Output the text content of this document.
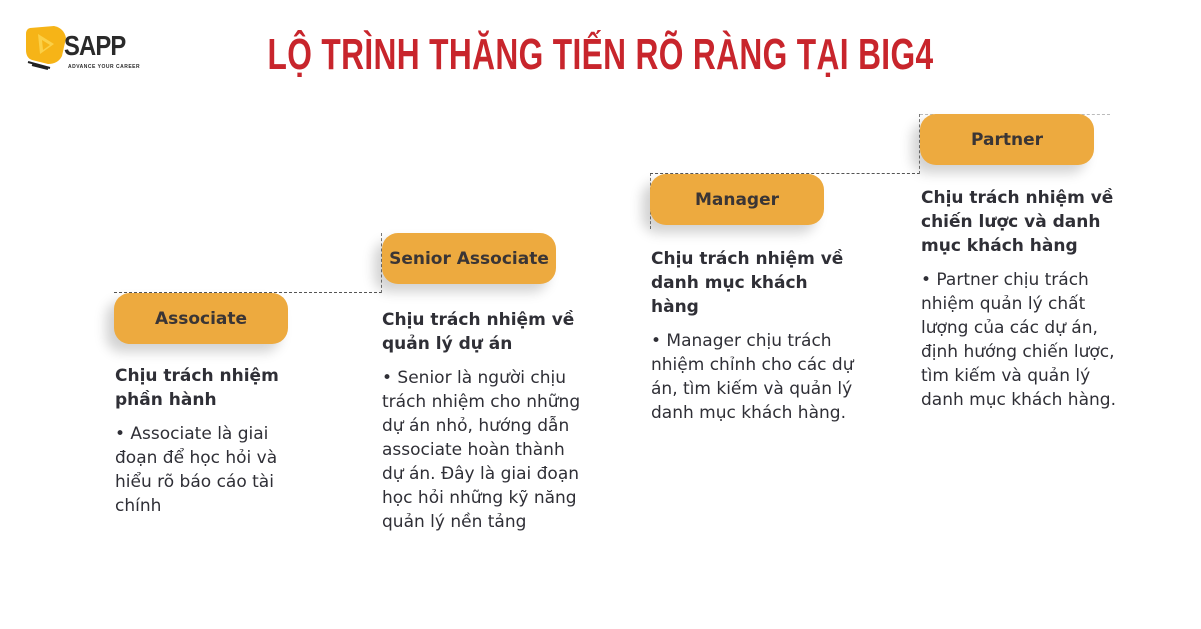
SAPP
ADVANCE YOUR CAREER	LỘ TRÌNH THĂNG TIẾN RÕ RÀNG TẠI BIG4
Associate
Chịu trách nhiệm phần hành
• Associate là giai đoạn để học hỏi và hiểu rõ báo cáo tài chính
Senior Associate
Chịu trách nhiệm về quản lý dự án
• Senior là người chịu trách nhiệm cho những dự án nhỏ, hướng dẫn associate hoàn thành dự án. Đây là giai đoạn học hỏi những kỹ năng quản lý nền tảng
Manager
Chịu trách nhiệm về danh mục khách hàng
• Manager chịu trách nhiệm chỉnh cho các dự án, tìm kiếm và quản lý danh mục khách hàng.
Partner
Chịu trách nhiệm về chiến lược và danh mục khách hàng
• Partner chịu trách nhiệm quản lý chất lượng của các dự án, định hướng chiến lược, tìm kiếm và quản lý danh mục khách hàng.
